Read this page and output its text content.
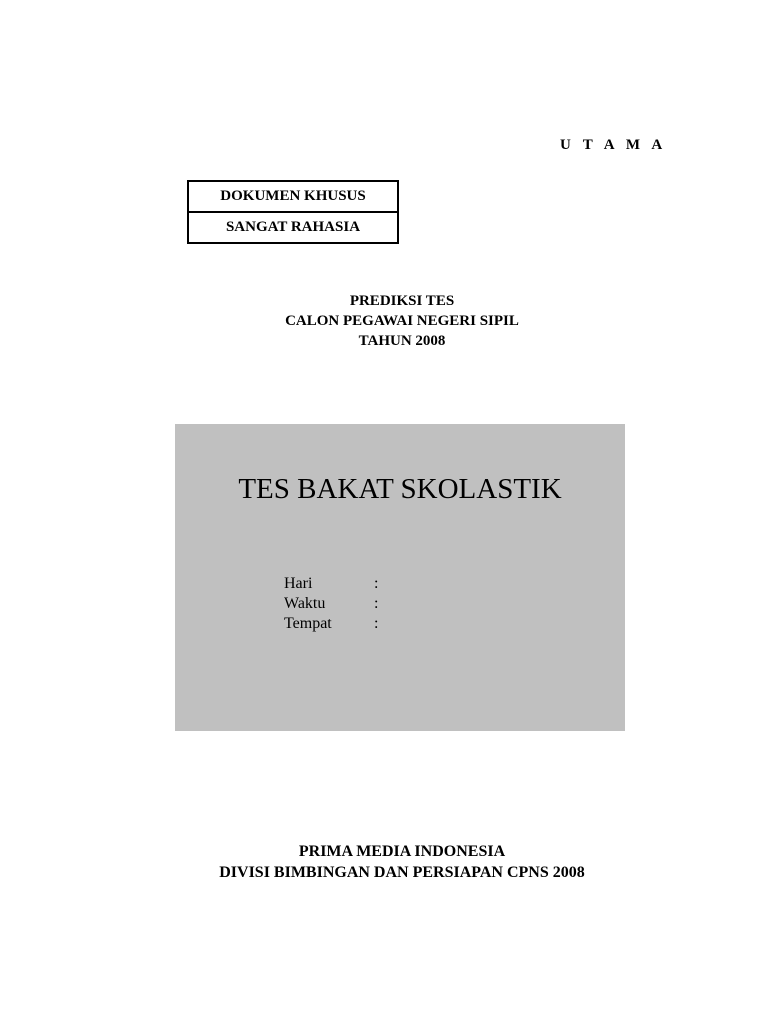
U T A M A
DOKUMEN KHUSUS
SANGAT RAHASIA
PREDIKSI TES
CALON PEGAWAI NEGERI SIPIL
TAHUN 2008
TES BAKAT SKOLASTIK
Hari	:
Waktu	:
Tempat	:
PRIMA MEDIA INDONESIA
DIVISI BIMBINGAN DAN PERSIAPAN CPNS 2008
